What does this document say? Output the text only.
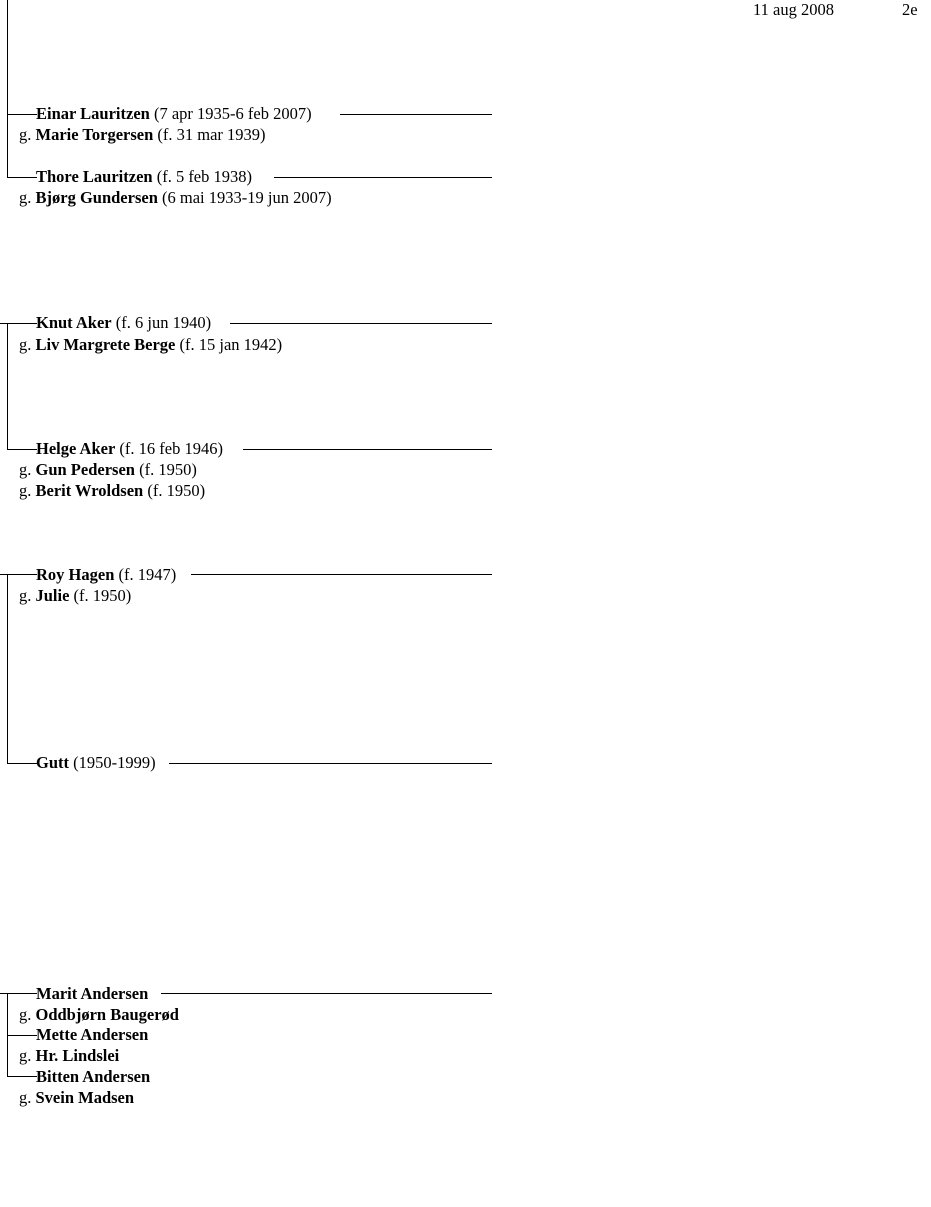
11 aug 2008	2e
Einar Lauritzen (7 apr 1935-6 feb 2007)
g. Marie Torgersen (f. 31 mar 1939)
Thore Lauritzen (f. 5 feb 1938)
g. Bjørg Gundersen (6 mai 1933-19 jun 2007)
Knut Aker (f. 6 jun 1940)
g. Liv Margrete Berge (f. 15 jan 1942)
Helge Aker (f. 16 feb 1946)
g. Gun Pedersen (f. 1950)
g. Berit Wroldsen (f. 1950)
Roy Hagen (f. 1947)
g. Julie (f. 1950)
Gutt (1950-1999)
Marit Andersen
g. Oddbjørn Baugerød
Mette Andersen
g. Hr. Lindslei
Bitten Andersen
g. Svein Madsen
